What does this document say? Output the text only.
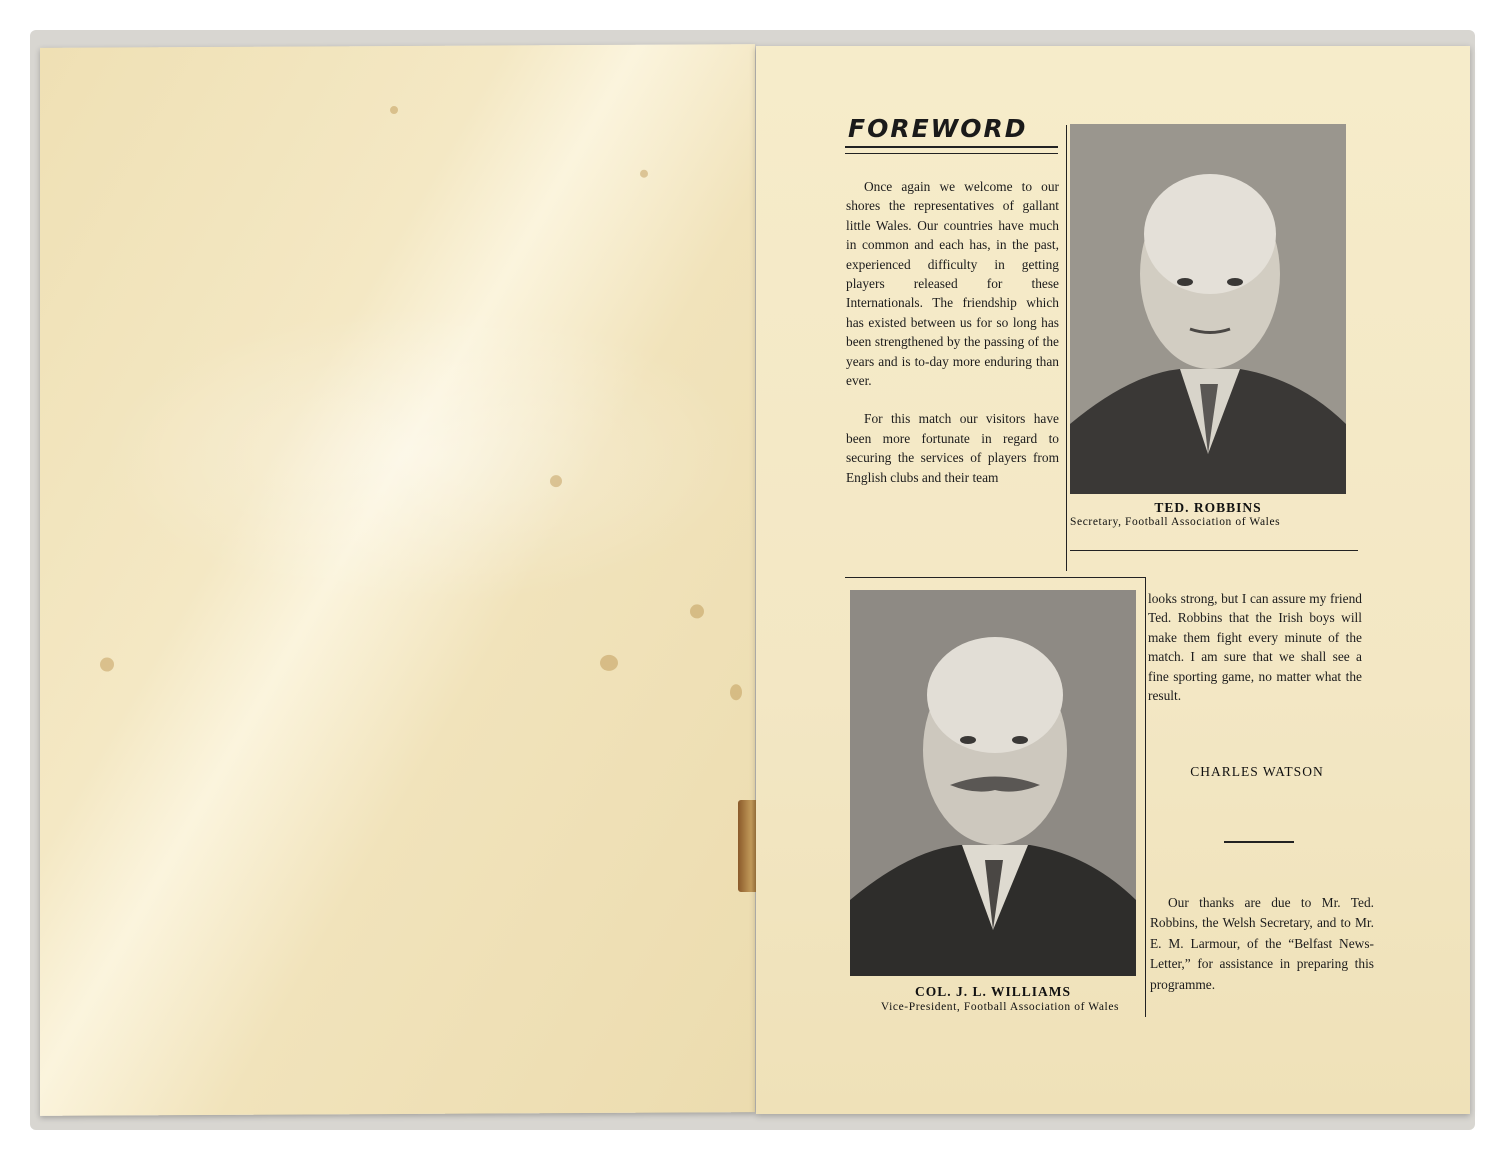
FOREWORD

Once again we welcome to our shores the representatives of gallant little Wales. Our countries have much in common and each has, in the past, experienced difficulty in getting players released for these Internationals. The friendship which has existed between us for so long has been strengthened by the passing of the years and is to-day more enduring than ever.

For this match our visitors have been more fortunate in regard to securing the services of players from English clubs and their team

TED. ROBBINS
Secretary, Football Association of Wales
COL. J. L. WILLIAMS
Vice-President, Football Association of Wales

looks strong, but I can assure my friend Ted. Robbins that the Irish boys will make them fight every minute of the match. I am sure that we shall see a fine sporting game, no matter what the result.

CHARLES WATSON

Our thanks are due to Mr. Ted. Robbins, the Welsh Secretary, and to Mr. E. M. Larmour, of the “Belfast News-Letter,” for assistance in preparing this programme.
